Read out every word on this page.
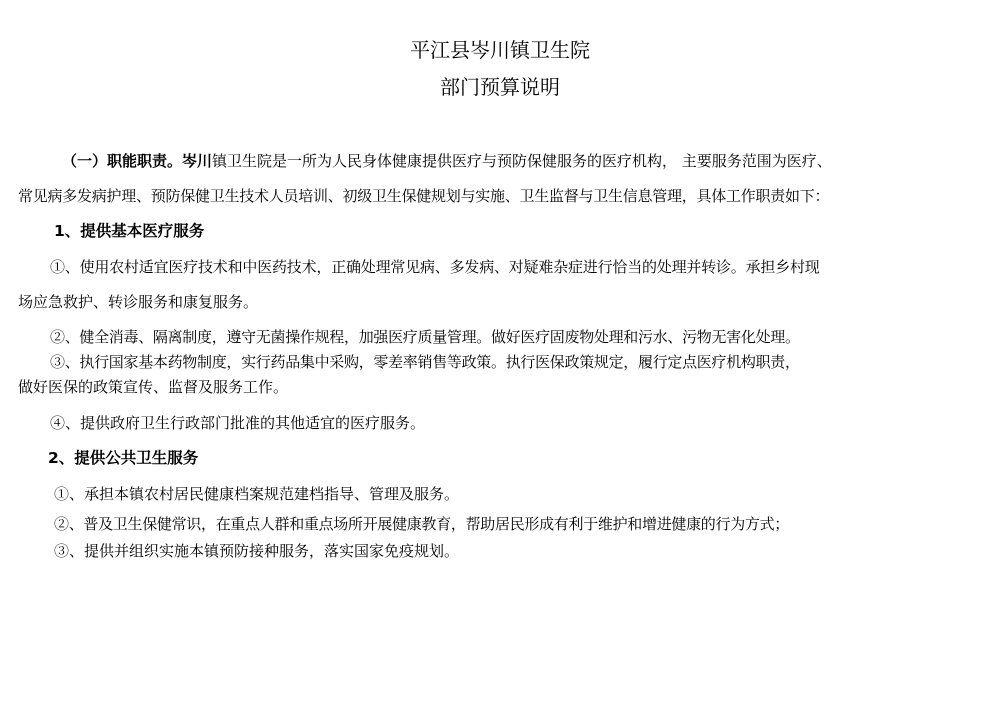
平江县岑川镇卫生院
部门预算说明
（一）职能职责。岑川镇卫生院是一所为人民身体健康提供医疗与预防保健服务的医疗机构， 主要服务范围为医疗、
常见病多发病护理、预防保健卫生技术人员培训、初级卫生保健规划与实施、卫生监督与卫生信息管理，具体工作职责如下：
1、提供基本医疗服务
①、使用农村适宜医疗技术和中医药技术，正确处理常见病、多发病、对疑难杂症进行恰当的处理并转诊。承担乡村现
场应急救护、转诊服务和康复服务。
②、健全消毒、隔离制度，遵守无菌操作规程，加强医疗质量管理。做好医疗固废物处理和污水、污物无害化处理。
③、执行国家基本药物制度，实行药品集中采购，零差率销售等政策。执行医保政策规定，履行定点医疗机构职责，
做好医保的政策宣传、监督及服务工作。
④、提供政府卫生行政部门批准的其他适宜的医疗服务。
2、提供公共卫生服务
①、承担本镇农村居民健康档案规范建档指导、管理及服务。
②、普及卫生保健常识，在重点人群和重点场所开展健康教育，帮助居民形成有利于维护和增进健康的行为方式；
③、提供并组织实施本镇预防接种服务，落实国家免疫规划。
